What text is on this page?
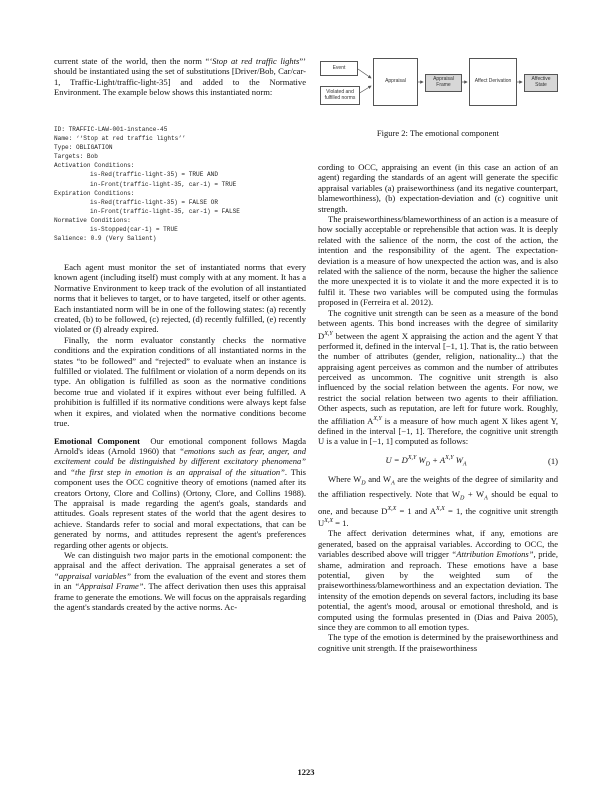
current state of the world, then the norm “‘Stop at red traffic lights”’ should be instantiated using the set of substitutions [Driver/Bob, Car/car-1, Traffic-Light/traffic-light-35] and added to the Normative Environment. The example below shows this instantiated norm:

ID: TRAFFIC-LAW-001-instance-45
Name: ‘‘Stop at red traffic lights’’
Type: OBLIGATION
Targets: Bob
Activation Conditions:
is-Red(traffic-light-35) = TRUE AND
in-Front(traffic-light-35, car-1) = TRUE
Expiration Conditions:
is-Red(traffic-light-35) = FALSE OR
in-Front(traffic-light-35, car-1) = FALSE
Normative Conditions:
is-Stopped(car-1) = TRUE
Salience: 0.9 (Very Salient)

Each agent must monitor the set of instantiated norms that every known agent (including itself) must comply with at any moment. It has a Normative Environment to keep track of the evolution of all instantiated norms that it believes to target, or to have targeted, itself or other agents. Each instantiated norm will be in one of the following states: (a) recently created, (b) to be followed, (c) rejected, (d) recently fulfilled, (e) recently violated or (f) already expired.

Finally, the norm evaluator constantly checks the normative conditions and the expiration conditions of all instantiated norms in the states “to be followed” and “rejected” to evaluate when an instance is fulfilled or violated. The fulfilment or violation of a norm depends on its type. An obligation is fulfilled as soon as the normative conditions become true and violated if it expires without ever being fulfilled. A prohibition is fulfilled if its normative conditions were always kept false when it expires, and violated when the normative conditions become true.

Emotional Component Our emotional component follows Magda Arnold's ideas (Arnold 1960) that “emotions such as fear, anger, and excitement could be distinguished by different excitatory phenomena” and “the first step in emotion is an appraisal of the situation”. This component uses the OCC cognitive theory of emotions (named after its creators Ortony, Clore and Collins) (Ortony, Clore, and Collins 1988). The appraisal is made regarding the agent's goals, standards and attitudes. Goals represent states of the world that the agent desires to achieve. Standards refer to social and moral expectations, that can be generated by norms, and attitudes represent the agent's preferences regarding other agents or objects.

We can distinguish two major parts in the emotional component: the appraisal and the affect derivation. The appraisal generates a set of “appraisal variables” from the evaluation of the event and stores them in an “Appraisal Frame”. The affect derivation then uses this appraisal frame to generate the emotions. We will focus on the appraisals regarding the agent's standards created by the active norms. Ac-

Event
Violated and fulfilled norms
Appraisal	Appraisal Frame
Affect Derivation	Affective State
Figure 2: The emotional component

cording to OCC, appraising an event (in this case an action of an agent) regarding the standards of an agent will generate the specific appraisal variables (a) praiseworthiness (and its negative counterpart, blameworthiness), (b) expectation-deviation and (c) cognitive unit strength.

The praiseworthiness/blameworthiness of an action is a measure of how socially acceptable or reprehensible that action was. It is deeply related with the salience of the norm, the cost of the action, the intention and the responsibility of the agent. The expectation-deviation is a measure of how unexpected the action was, and is also related with the salience of the norm, because the higher the salience the more unexpected it is to violate it and the more expected it is to fulfil it. These two variables will be computed using the formulas proposed in (Ferreira et al. 2012).

The cognitive unit strength can be seen as a measure of the bond between agents. This bond increases with the degree of similarity $D^{X,Y}$ between the agent X appraising the action and the agent Y that performed it, defined in the interval [−1, 1]. That is, the ratio between the number of attributes (gender, religion, nationality...) that the appraising agent perceives as common and the number of attributes perceived as uncommon. The cognitive unit strength is also influenced by the social relation between the agents. For now, we restrict the social relation between two agents to their affiliation. Other aspects, such as reputation, are left for future work. Roughly, the affiliation $A^{X,Y}$ is a measure of how much agent X likes agent Y, defined in the interval [−1, 1]. Therefore, the cognitive unit strength U is a value in [−1, 1] computed as follows:

$U = D^{X,Y}$ $W_D + A^{X,Y}$ $W_A$	(1)

Where $W_D$ and $W_A$ are the weights of the degree of similarity and the affiliation respectively. Note that $W_D + W_A$ should be equal to one, and because $D^{X,X} = 1$ and $A^{X,X} = 1$, the cognitive unit strength $U^{X,X} = 1$.

The affect derivation determines what, if any, emotions are generated, based on the appraisal variables. According to OCC, the variables described above will trigger “Attribution Emotions”, pride, shame, admiration and reproach. These emotions have a base potential, given by the weighted sum of the praiseworthiness/blameworthiness and an expectation deviation. The intensity of the emotion depends on several factors, including its base potential, the agent's mood, arousal or emotional threshold, and is computed using the formulas presented in (Dias and Paiva 2005), since they are common to all emotion types.

The type of the emotion is determined by the praiseworthiness and cognitive unit strength. If the praiseworthiness

1223
